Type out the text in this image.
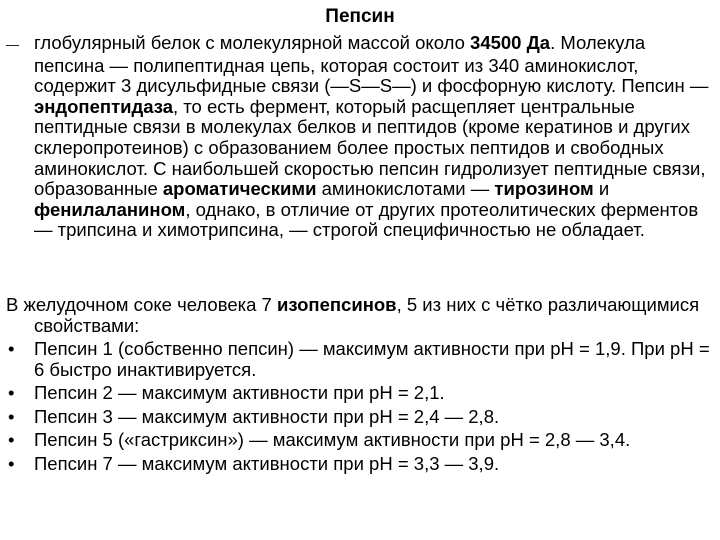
Пепсин
— глобулярный белок с молекулярной массой около 34500 Да. Молекула пепсина — полипептидная цепь, которая состоит из 340 аминокислот, содержит 3 дисульфидные связи (—S—S—) и фосфорную кислоту. Пепсин — эндопептидаза, то есть фермент, который расщепляет центральные пептидные связи в молекулах белков и пептидов (кроме кератинов и других склеропротеинов) с образованием более простых пептидов и свободных аминокислот. С наибольшей скоростью пепсин гидролизует пептидные связи, образованные ароматическими аминокислотами — тирозином и фенилаланином, однако, в отличие от других протеолитических ферментов — трипсина и химотрипсина, — строгой специфичностью не обладает.
В желудочном соке человека 7 изопепсинов, 5 из них с чётко различающимися свойствами:
• Пепсин 1 (собственно пепсин) — максимум активности при pH = 1,9. При pH = 6 быстро инактивируется.
• Пепсин 2 — максимум активности при pH = 2,1.
• Пепсин 3 — максимум активности при pH = 2,4 — 2,8.
• Пепсин 5 («гастриксин») — максимум активности при pH = 2,8 — 3,4.
• Пепсин 7 — максимум активности при pH = 3,3 — 3,9.
